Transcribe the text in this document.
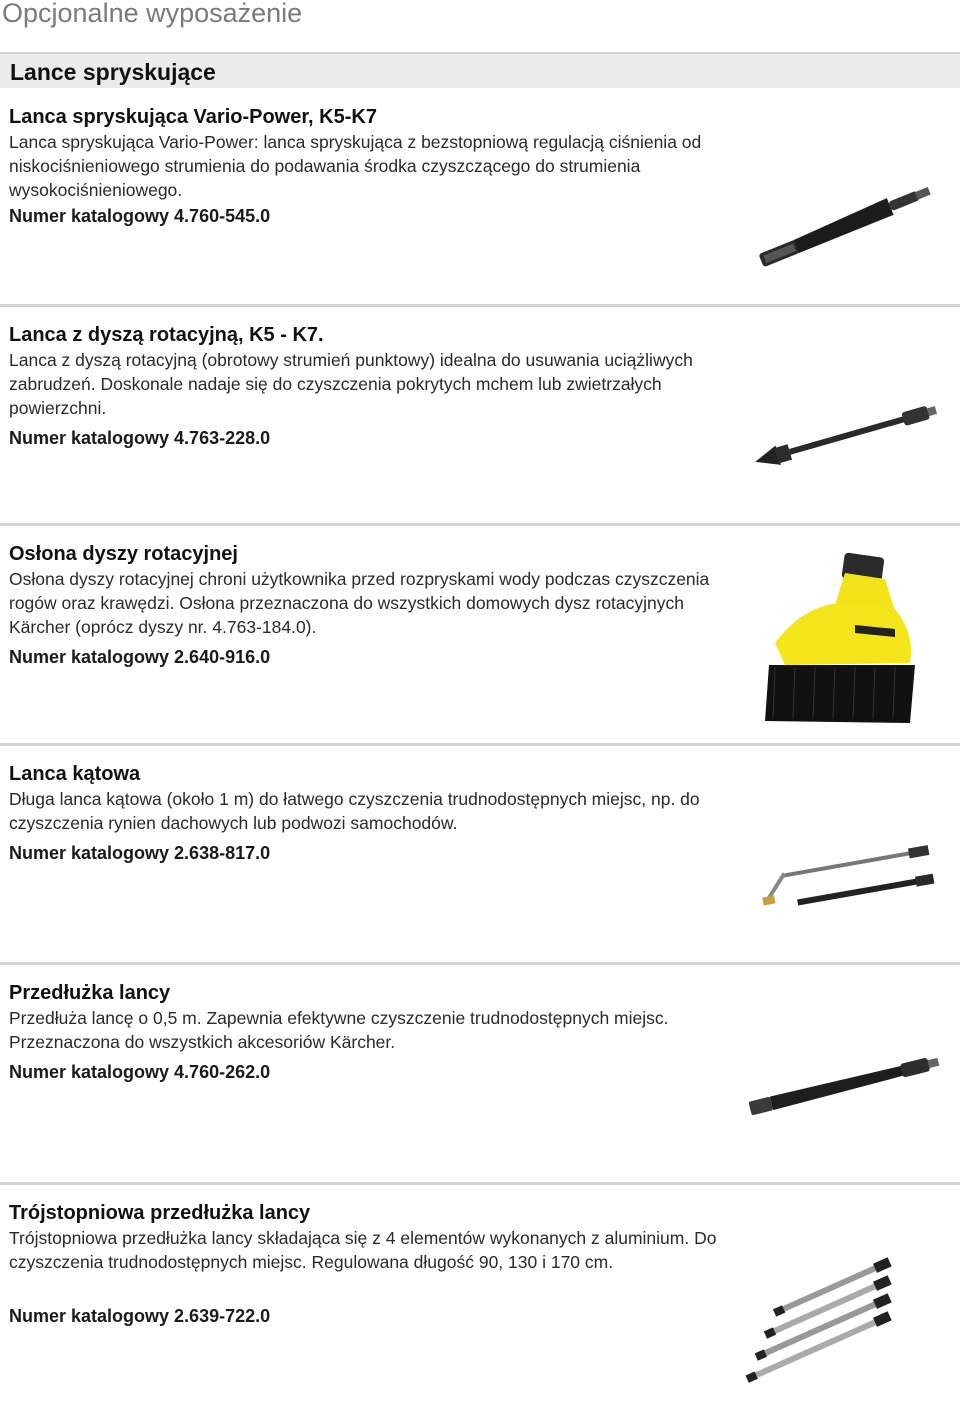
Opcjonalne wyposażenie
Lance spryskujące
Lanca spryskująca Vario-Power, K5-K7
Lanca spryskująca Vario-Power: lanca spryskująca z bezstopniową regulacją ciśnienia od niskociśnieniowego strumienia do podawania środka czyszczącego do strumienia wysokociśnieniowego.
Numer katalogowy 4.760-545.0
Lanca z dyszą rotacyjną, K5 - K7.
Lanca z dyszą rotacyjną (obrotowy strumień punktowy) idealna do usuwania uciążliwych zabrudzeń. Doskonale nadaje się do czyszczenia pokrytych mchem lub zwietrzałych powierzchni.
Numer katalogowy 4.763-228.0
Osłona dyszy rotacyjnej
Osłona dyszy rotacyjnej chroni użytkownika przed rozpryskami wody podczas czyszczenia rogów oraz krawędzi. Osłona przeznaczona do wszystkich domowych dysz rotacyjnych Kärcher (oprócz dyszy nr. 4.763-184.0).
Numer katalogowy 2.640-916.0
Lanca kątowa
Długa lanca kątowa (około 1 m) do łatwego czyszczenia trudnodostępnych miejsc, np. do czyszczenia rynien dachowych lub podwozi samochodów.
Numer katalogowy 2.638-817.0
Przedłużka lancy
Przedłuża lancę o 0,5 m. Zapewnia efektywne czyszczenie trudnodostępnych miejsc. Przeznaczona do wszystkich akcesoriów Kärcher.
Numer katalogowy 4.760-262.0
Trójstopniowa przedłużka lancy
Trójstopniowa przedłużka lancy składająca się z 4 elementów wykonanych z aluminium. Do czyszczenia trudnodostępnych miejsc. Regulowana długość 90, 130 i 170 cm.
Numer katalogowy 2.639-722.0
